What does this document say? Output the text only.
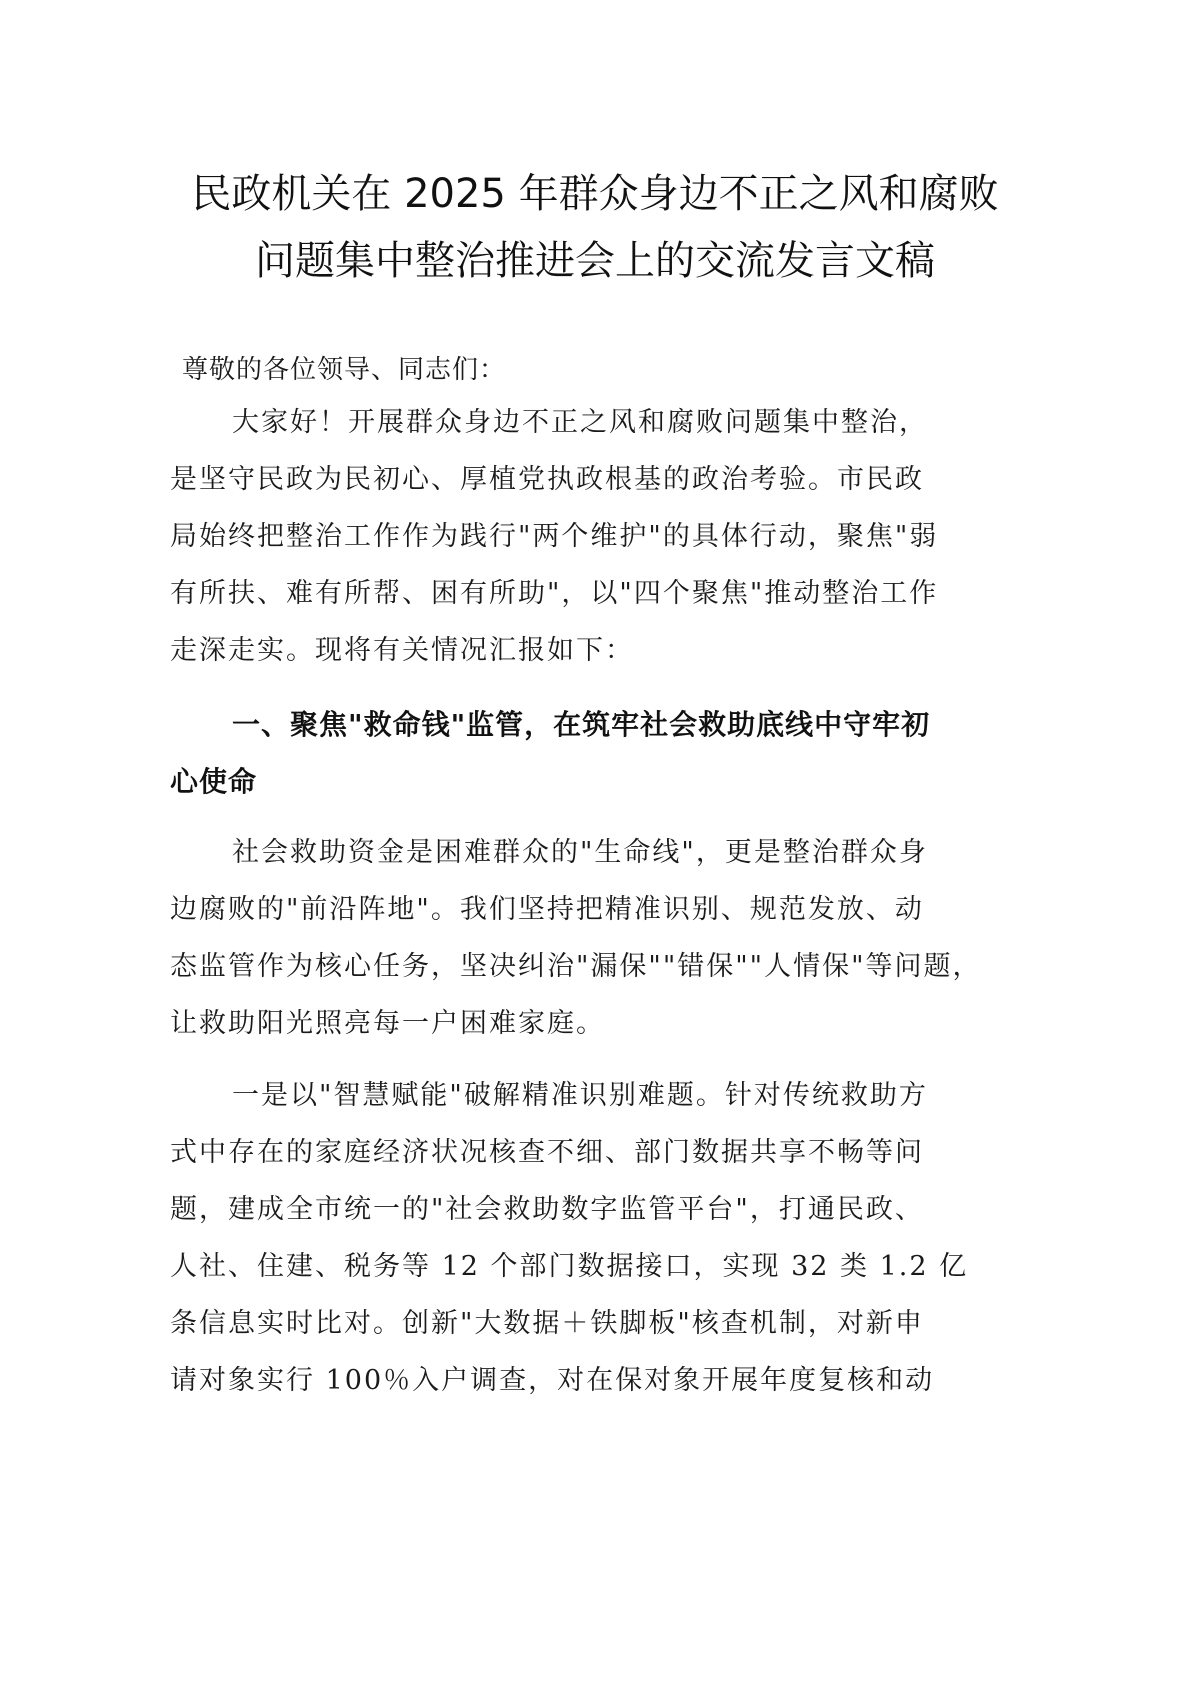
民政机关在 2025 年群众身边不正之风和腐败
问题集中整治推进会上的交流发言文稿
尊敬的各位领导、同志们：
大家好！开展群众身边不正之风和腐败问题集中整治，
是坚守民政为民初心、厚植党执政根基的政治考验。市民政
局始终把整治工作作为践行"两个维护"的具体行动，聚焦"弱
有所扶、难有所帮、困有所助"，以"四个聚焦"推动整治工作
走深走实。现将有关情况汇报如下：
一、聚焦"救命钱"监管，在筑牢社会救助底线中守牢初
心使命
社会救助资金是困难群众的"生命线"，更是整治群众身
边腐败的"前沿阵地"。我们坚持把精准识别、规范发放、动
态监管作为核心任务，坚决纠治"漏保""错保""人情保"等问题，
让救助阳光照亮每一户困难家庭。
一是以"智慧赋能"破解精准识别难题。针对传统救助方
式中存在的家庭经济状况核查不细、部门数据共享不畅等问
题，建成全市统一的"社会救助数字监管平台"，打通民政、
人社、住建、税务等 12 个部门数据接口，实现 32 类 1.2 亿
条信息实时比对。创新"大数据＋铁脚板"核查机制，对新申
请对象实行 100％入户调查，对在保对象开展年度复核和动
